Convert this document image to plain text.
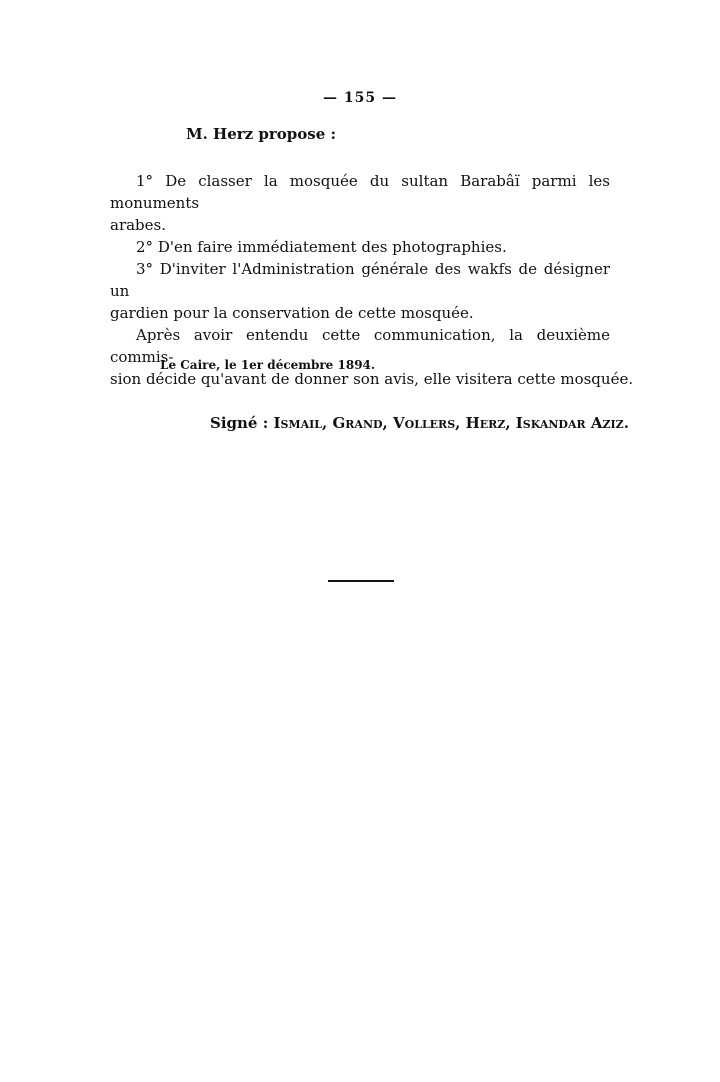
— 155 —
M. Herz propose :

1° De classer la mosquée du sultan Barabâï parmi les monuments

arabes.

2° D'en faire immédiatement des photographies.

3° D'inviter l'Administration générale des wakfs de désigner un

gardien pour la conservation de cette mosquée.

Après avoir entendu cette communication, la deuxième commis-

sion décide qu'avant de donner son avis, elle visitera cette mosquée.

Le Caire, le 1er décembre 1894.
Signé : Ismail, Grand, Vollers, Herz, Iskandar Aziz.
